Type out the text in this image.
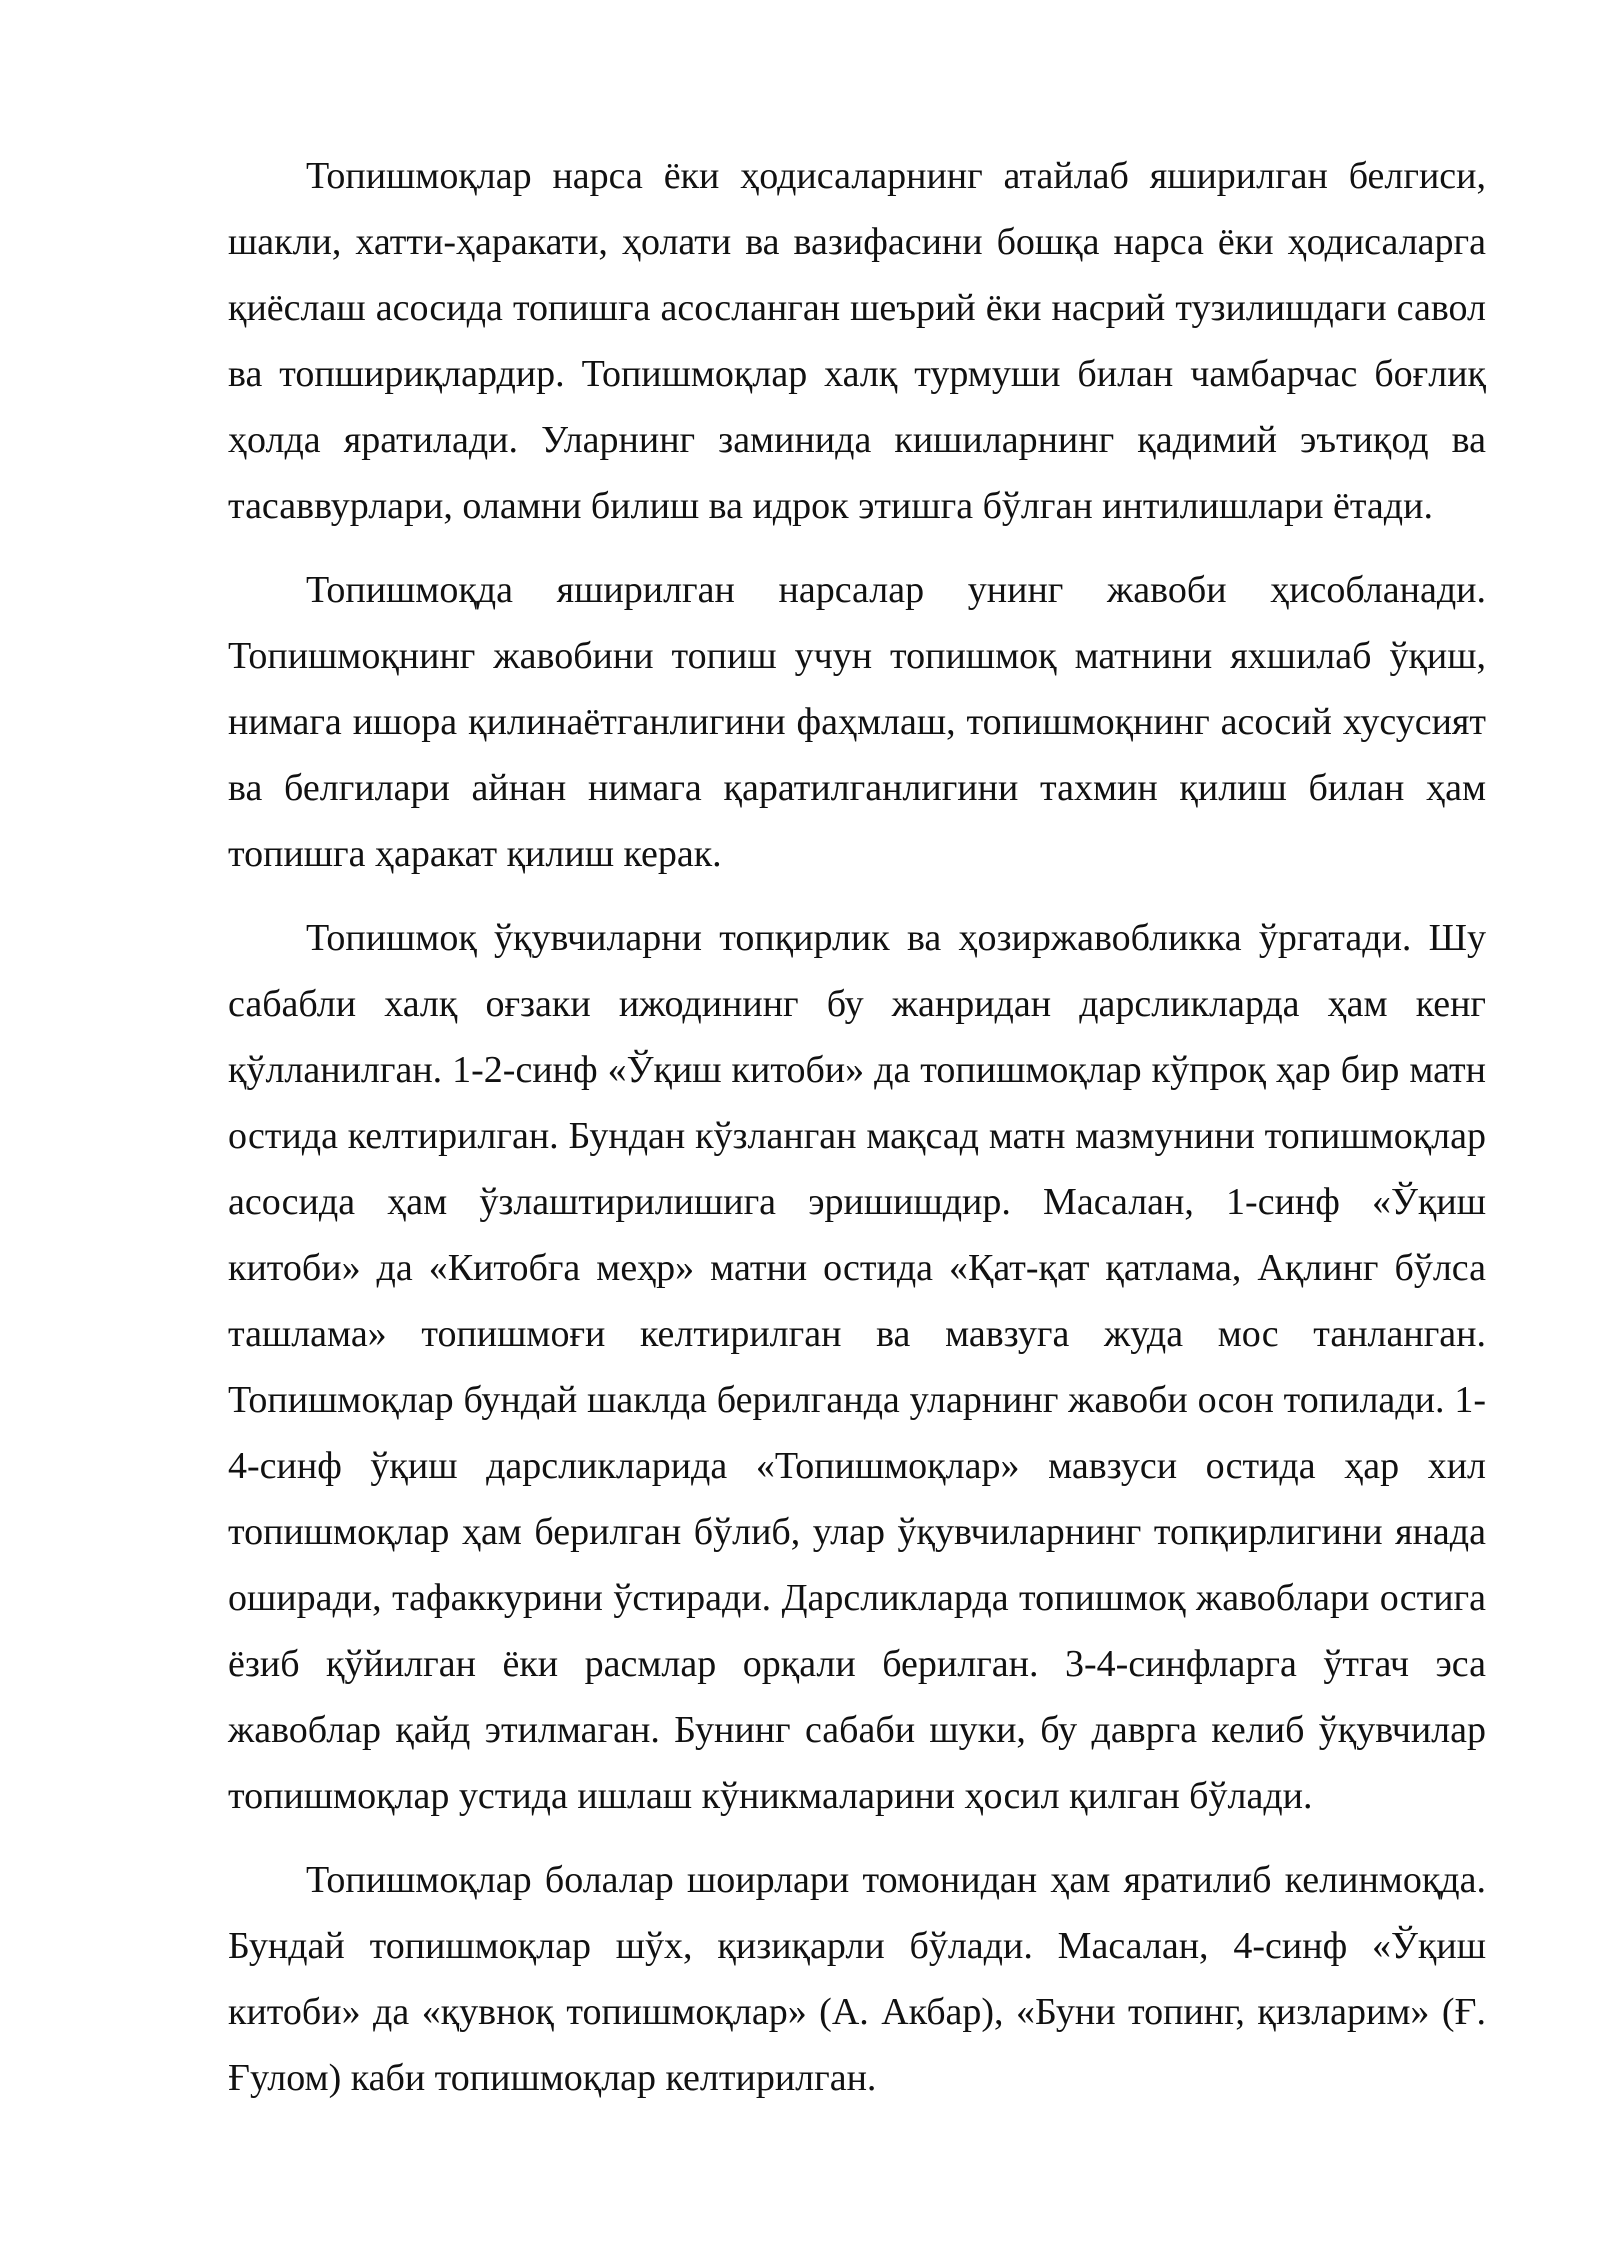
Топишмоқлар нарса ёки ҳодисаларнинг атайлаб яширилган белгиси, шакли, хатти-ҳаракати, ҳолати ва вазифасини бошқа нарса ёки ҳодисаларга қиёслаш асосида топишга асосланган шеърий ёки насрий тузилишдаги савол ва топшириқлардир. Топишмоқлар халқ турмуши билан чамбарчас боғлиқ ҳолда яратилади. Уларнинг заминида кишиларнинг қадимий эътиқод ва тасаввурлари, оламни билиш ва идрок этишга бўлган интилишлари ётади.

Топишмоқда яширилган нарсалар унинг жавоби ҳисобланади. Топишмоқнинг жавобини топиш учун топишмоқ матнини яхшилаб ўқиш, нимага ишора қилинаётганлигини фаҳмлаш, топишмоқнинг асосий хусусият ва белгилари айнан нимага қаратилганлигини тахмин қилиш билан ҳам топишга ҳаракат қилиш керак.

Топишмоқ ўқувчиларни топқирлик ва ҳозиржавобликка ўргатади. Шу сабабли халқ оғзаки ижодининг бу жанридан дарсликларда ҳам кенг қўлланилган. 1-2-синф «Ўқиш китоби» да топишмоқлар кўпроқ ҳар бир матн остида келтирилган. Бундан кўзланган мақсад матн мазмунини топишмоқлар асосида ҳам ўзлаштирилишига эришишдир. Масалан, 1-синф «Ўқиш китоби» да «Китобга меҳр» матни остида «Қат-қат қатлама, Ақлинг бўлса ташлама» топишмоғи келтирилган ва мавзуга жуда мос танланган. Топишмоқлар бундай шаклда берилганда уларнинг жавоби осон топилади. 1-4-синф ўқиш дарсликларида «Топишмоқлар» мавзуси остида ҳар хил топишмоқлар ҳам берилган бўлиб, улар ўқувчиларнинг топқирлигини янада оширади, тафаккурини ўстиради. Дарсликларда топишмоқ жавоблари остига ёзиб қўйилган ёки расмлар орқали берилган. 3-4-синфларга ўтгач эса жавоблар қайд этилмаган. Бунинг сабаби шуки, бу даврга келиб ўқувчилар топишмоқлар устида ишлаш кўникмаларини ҳосил қилган бўлади.

Топишмоқлар болалар шоирлари томонидан ҳам яратилиб келинмоқда. Бундай топишмоқлар шўх, қизиқарли бўлади. Масалан, 4-синф «Ўқиш китоби» да «қувноқ топишмоқлар» (А. Акбар), «Буни топинг, қизларим» (Ғ. Ғулом) каби топишмоқлар келтирилган.
